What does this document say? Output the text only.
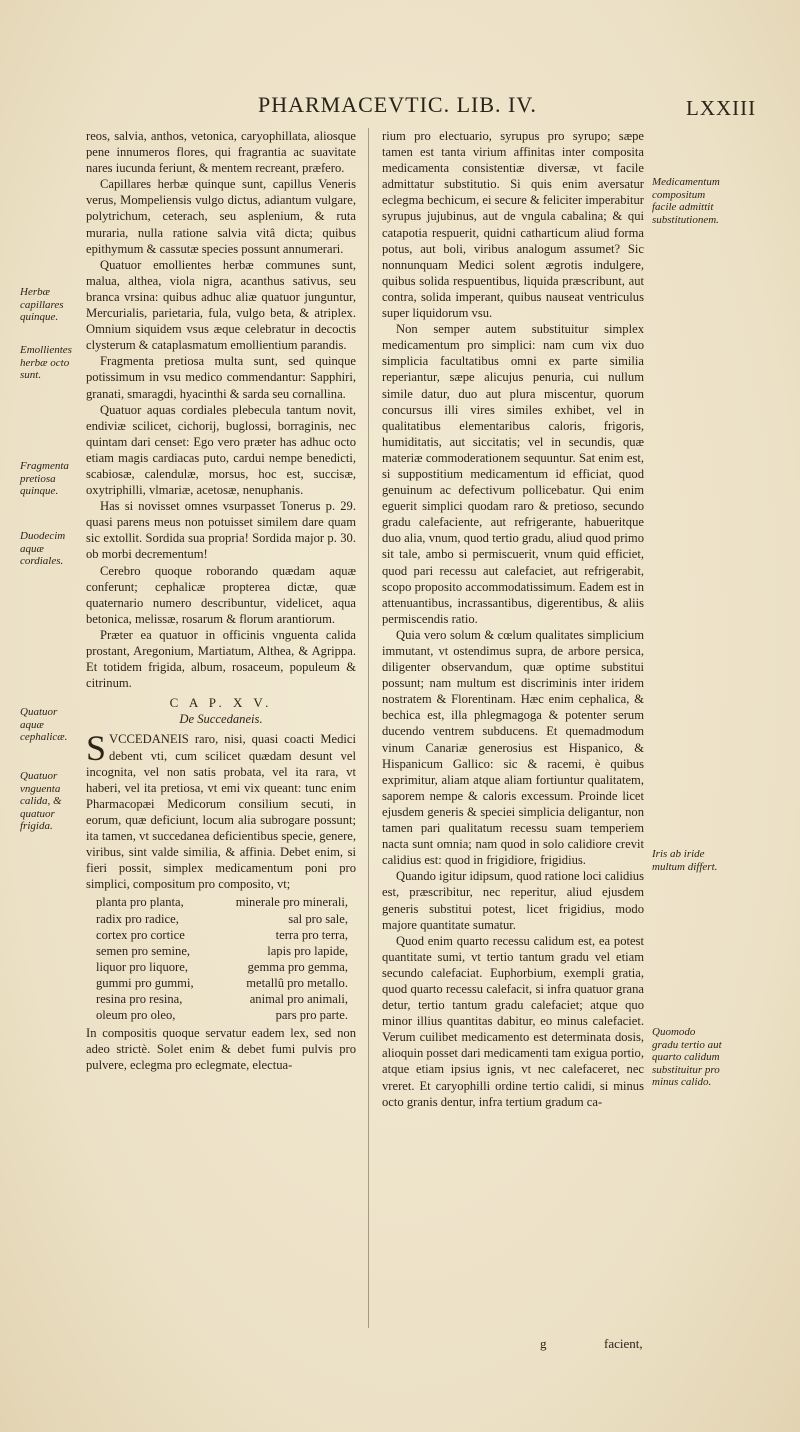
PHARMACEVTIC. LIB. IV.	LXXIII
Herbæ capillares quinque.
Emollientes herbæ octo sunt.
Fragmenta pretiosa quinque.
Duodecim aquæ cordiales.
Quatuor aquæ cephalicæ.
Quatuor vnguenta calida, & quatuor frigida.
Medicamentum compositum facile admittit substitutionem.
Iris ab iride multum differt.
Quomodo gradu tertio aut quarto calidum substituitur pro minus calido.

reos, salvia, anthos, vetonica, caryophillata, aliosque pene innumeros flores, qui fragrantia ac suavitate nares iucunda feriunt, & mentem recreant, præfero.

Capillares herbæ quinque sunt, capillus Veneris verus, Mompeliensis vulgo dictus, adiantum vulgare, polytrichum, ceterach, seu asplenium, & ruta muraria, nulla ratione salvia vitâ dicta; quibus epithymum & cassutæ species possunt annumerari.

Quatuor emollientes herbæ communes sunt, malua, althea, viola nigra, acanthus sativus, seu branca vrsina: quibus adhuc aliæ quatuor junguntur, Mercurialis, parietaria, fula, vulgo beta, & atriplex. Omnium siquidem vsus æque celebratur in decoctis clysterum & cataplasmatum emollientium parandis.

Fragmenta pretiosa multa sunt, sed quinque potissimum in vsu medico commendantur: Sapphiri, granati, smaragdi, hyacinthi & sarda seu cornallina.

Quatuor aquas cordiales plebecula tantum novit, endiviæ scilicet, cichorij, buglossi, borraginis, nec quintam dari censet: Ego vero præter has adhuc octo etiam magis cardiacas puto, cardui nempe benedicti, scabiosæ, calendulæ, morsus, hoc est, succisæ, oxytriphilli, vlmariæ, acetosæ, nenuphanis.

Has si novisset omnes vsurpasset Tonerus p. 29. quasi parens meus non potuisset similem dare quam sic extollit. Sordida sua propria! Sordida major p. 30. ob morbi decrementum!

Cerebro quoque roborando quædam aquæ conferunt; cephalicæ propterea dictæ, quæ quaternario numero describuntur, videlicet, aqua betonica, melissæ, rosarum & florum arantiorum.

Præter ea quatuor in officinis vnguenta calida prostant, Aregonium, Martiatum, Althea, & Agrippa. Et totidem frigida, album, rosaceum, populeum & citrinum.

C A P. X V.
De Succedaneis.

SVCCEDANEIS raro, nisi, quasi coacti Medici debent vti, cum scilicet quædam desunt vel incognita, vel non satis probata, vel ita rara, vt haberi, vel ita pretiosa, vt emi vix queant: tunc enim Pharmacopæi Medicorum consilium secuti, in eorum, quæ deficiunt, locum alia subrogare possunt; ita tamen, vt succedanea deficientibus specie, genere, viribus, sint valde similia, & affinia. Debet enim, si fieri possit, simplex medicamentum poni pro simplici, compositum pro composito, vt;

planta pro planta,	minerale pro minerali,
radix pro radice,	sal pro sale,
cortex pro cortice	terra pro terra,
semen pro semine,	lapis pro lapide,
liquor pro liquore,	gemma pro gemma,
gummi pro gummi,	metallû pro metallo.
resina pro resina,	animal pro animali,
oleum pro oleo,	pars pro parte.

In compositis quoque servatur eadem lex, sed non adeo strictè. Solet enim & debet fumi pulvis pro pulvere, eclegma pro eclegmate, electua-

rium pro electuario, syrupus pro syrupo; sæpe tamen est tanta virium affinitas inter composita medicamenta consistentiæ diversæ, vt facile admittatur substitutio. Si quis enim aversatur eclegma bechicum, ei secure & feliciter imperabitur syrupus jujubinus, aut de vngula cabalina; & qui catapotia respuerit, quidni catharticum aliud forma potus, aut boli, viribus analogum assumet? Sic nonnunquam Medici solent ægrotis indulgere, quibus solida respuentibus, liquida præscribunt, aut contra, solida imperant, quibus nauseat ventriculus super liquidorum vsu.

Non semper autem substituitur simplex medicamentum pro simplici: nam cum vix duo simplicia facultatibus omni ex parte similia reperiantur, sæpe alicujus penuria, cui nullum simile datur, duo aut plura miscentur, quorum concursus illi vires similes exhibet, vel in qualitatibus elementaribus caloris, frigoris, humiditatis, aut siccitatis; vel in secundis, quæ materiæ commoderationem sequuntur. Sat enim est, si suppostitium medicamentum id efficiat, quod genuinum ac defectivum pollicebatur. Qui enim eguerit simplici quodam raro & pretioso, secundo gradu calefaciente, aut refrigerante, habueritque duo alia, vnum, quod tertio gradu, aliud quod primo sit tale, ambo si permiscuerit, vnum quid efficiet, quod pari recessu aut calefaciet, aut refrigerabit, scopo proposito accommodatissimum. Eadem est in attenuantibus, incrassantibus, digerentibus, & aliis permiscendis ratio.

Quia vero solum & cœlum qualitates simplicium immutant, vt ostendimus supra, de arbore persica, diligenter observandum, quæ optime substitui possunt; nam multum est discriminis inter iridem nostratem & Florentinam. Hæc enim cephalica, & bechica est, illa phlegmagoga & potenter serum ducendo ventrem subducens. Et quemadmodum vinum Canariæ generosius est Hispanico, & Hispanicum Gallico: sic & racemi, è quibus exprimitur, aliam atque aliam fortiuntur qualitatem, saporem nempe & caloris excessum. Proinde licet ejusdem generis & speciei simplicia deligantur, non tamen pari qualitatum recessu suam temperiem nacta sunt omnia; nam quod in solo calidiore crevit calidius est: quod in frigidiore, frigidius.

Quando igitur idipsum, quod ratione loci calidius est, præscribitur, nec reperitur, aliud ejusdem generis substitui potest, licet frigidius, modo majore quantitate sumatur.

Quod enim quarto recessu calidum est, ea potest quantitate sumi, vt tertio tantum gradu vel etiam secundo calefaciat. Euphorbium, exempli gratia, quod quarto recessu calefacit, si infra quatuor grana detur, tertio tantum gradu calefaciet; atque quo minor illius quantitas dabitur, eo minus calefaciet. Verum cuilibet medicamento est determinata dosis, alioquin posset dari medicamenti tam exigua portio, atque etiam ipsius ignis, vt nec calefaceret, nec vreret. Et caryophilli ordine tertio calidi, si minus octo granis dentur, infra tertium gradum ca-

g	facient,
